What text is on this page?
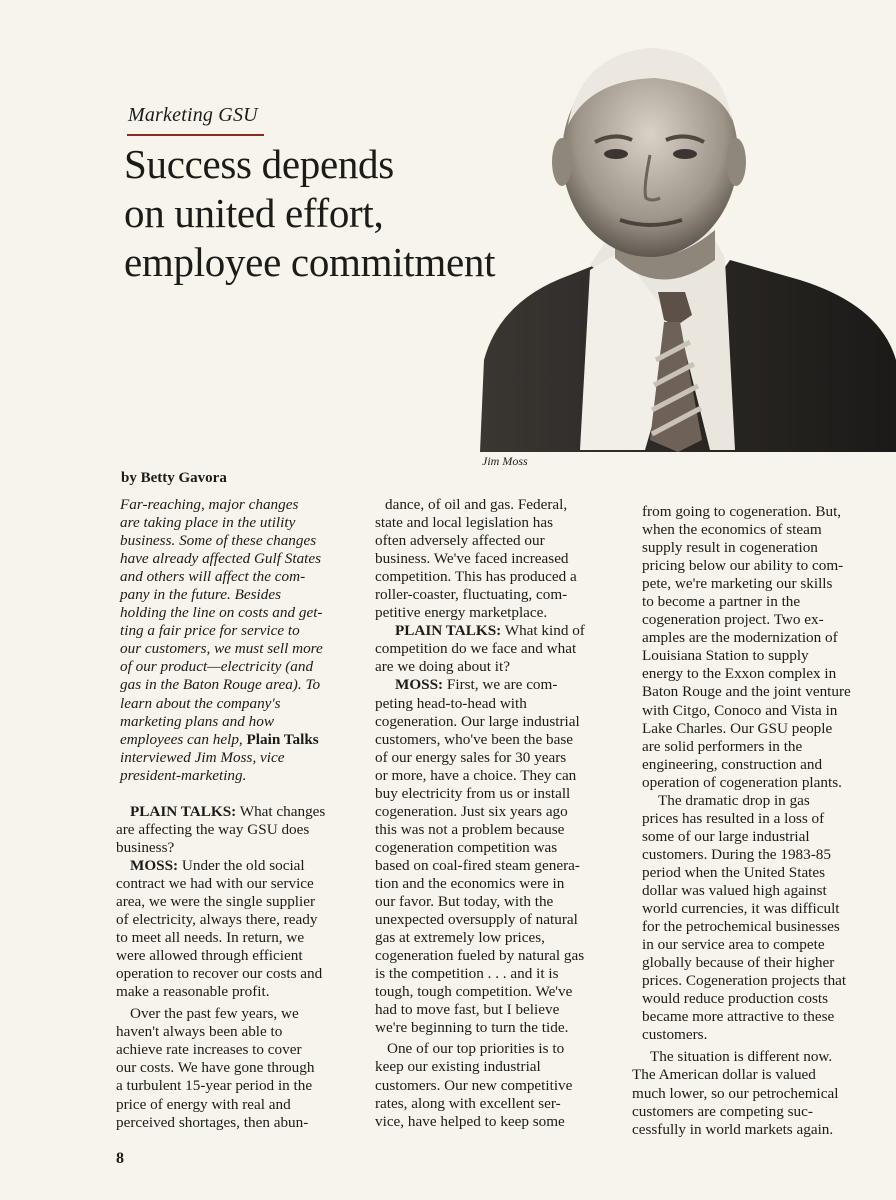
Marketing GSU
Success depends
on united effort,
employee commitment
Jim Moss
by Betty Gavora
Far-reaching, major changes
are taking place in the utility
business. Some of these changes
have already affected Gulf States
and others will affect the com-
pany in the future. Besides
holding the line on costs and get-
ting a fair price for service to
our customers, we must sell more
of our product—electricity (and
gas in the Baton Rouge area). To
learn about the company's
marketing plans and how
employees can help, Plain Talks
interviewed Jim Moss, vice
president-marketing.
PLAIN TALKS: What changes
are affecting the way GSU does
business?
MOSS: Under the old social
contract we had with our service
area, we were the single supplier
of electricity, always there, ready
to meet all needs. In return, we
were allowed through efficient
operation to recover our costs and
make a reasonable profit.
Over the past few years, we
haven't always been able to
achieve rate increases to cover
our costs. We have gone through
a turbulent 15-year period in the
price of energy with real and
perceived shortages, then abun-
dance, of oil and gas. Federal,
state and local legislation has
often adversely affected our
business. We've faced increased
competition. This has produced a
roller-coaster, fluctuating, com-
petitive energy marketplace.
PLAIN TALKS: What kind of
competition do we face and what
are we doing about it?
MOSS: First, we are com-
peting head-to-head with
cogeneration. Our large industrial
customers, who've been the base
of our energy sales for 30 years
or more, have a choice. They can
buy electricity from us or install
cogeneration. Just six years ago
this was not a problem because
cogeneration competition was
based on coal-fired steam genera-
tion and the economics were in
our favor. But today, with the
unexpected oversupply of natural
gas at extremely low prices,
cogeneration fueled by natural gas
is the competition . . . and it is
tough, tough competition. We've
had to move fast, but I believe
we're beginning to turn the tide.
One of our top priorities is to
keep our existing industrial
customers. Our new competitive
rates, along with excellent ser-
vice, have helped to keep some
from going to cogeneration. But,
when the economics of steam
supply result in cogeneration
pricing below our ability to com-
pete, we're marketing our skills
to become a partner in the
cogeneration project. Two ex-
amples are the modernization of
Louisiana Station to supply
energy to the Exxon complex in
Baton Rouge and the joint venture
with Citgo, Conoco and Vista in
Lake Charles. Our GSU people
are solid performers in the
engineering, construction and
operation of cogeneration plants.
The dramatic drop in gas
prices has resulted in a loss of
some of our large industrial
customers. During the 1983-85
period when the United States
dollar was valued high against
world currencies, it was difficult
for the petrochemical businesses
in our service area to compete
globally because of their higher
prices. Cogeneration projects that
would reduce production costs
became more attractive to these
customers.
The situation is different now.
The American dollar is valued
much lower, so our petrochemical
customers are competing suc-
cessfully in world markets again.
8
